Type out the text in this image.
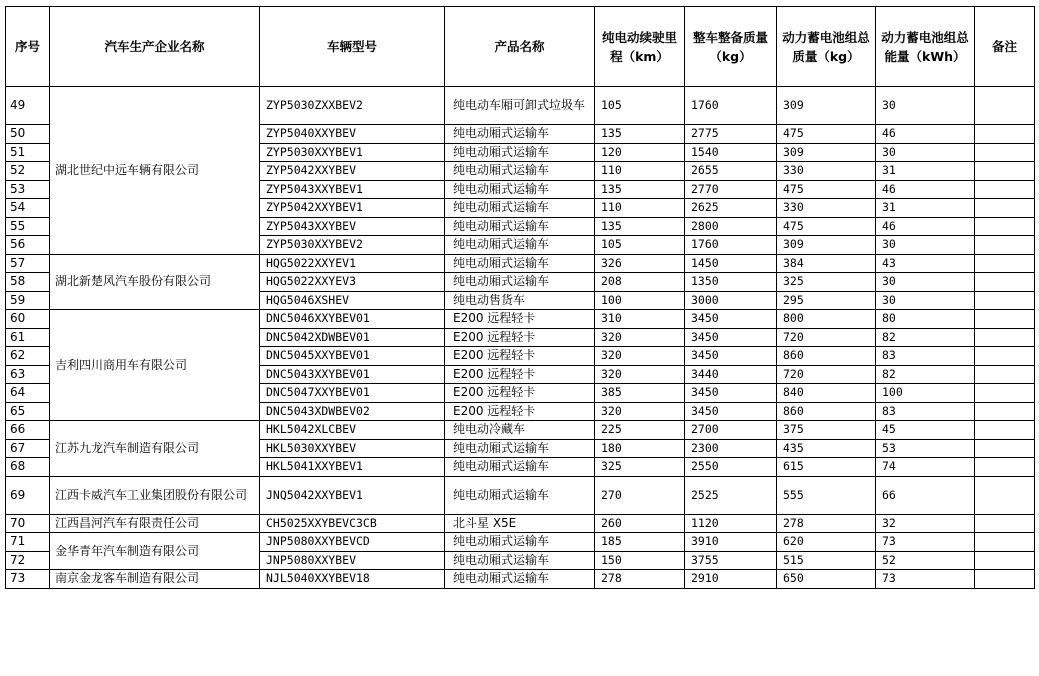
序号	汽车生产企业名称	车辆型号	产品名称	纯电动续驶里程（km）	整车整备质量（kg）	动力蓄电池组总质量（kg）	动力蓄电池组总能量（kWh）	备注
49	湖北世纪中远车辆有限公司	ZYP5030ZXXBEV2	纯电动车厢可卸式垃圾车	105	1760	309	30	
50		ZYP5040XXYBEV	纯电动厢式运输车	135	2775	475	46	
51		ZYP5030XXYBEV1	纯电动厢式运输车	120	1540	309	30	
52		ZYP5042XXYBEV	纯电动厢式运输车	110	2655	330	31	
53		ZYP5043XXYBEV1	纯电动厢式运输车	135	2770	475	46	
54		ZYP5042XXYBEV1	纯电动厢式运输车	110	2625	330	31	
55		ZYP5043XXYBEV	纯电动厢式运输车	135	2800	475	46	
56		ZYP5030XXYBEV2	纯电动厢式运输车	105	1760	309	30	
57	湖北新楚风汽车股份有限公司	HQG5022XXYEV1	纯电动厢式运输车	326	1450	384	43	
58		HQG5022XXYEV3	纯电动厢式运输车	208	1350	325	30	
59		HQG5046XSHEV	纯电动售货车	100	3000	295	30	
60	吉利四川商用车有限公司	DNC5046XXYBEV01	E200 远程轻卡	310	3450	800	80	
61		DNC5042XDWBEV01	E200 远程轻卡	320	3450	720	82	
62		DNC5045XXYBEV01	E200 远程轻卡	320	3450	860	83	
63		DNC5043XXYBEV01	E200 远程轻卡	320	3440	720	82	
64		DNC5047XXYBEV01	E200 远程轻卡	385	3450	840	100	
65		DNC5043XDWBEV02	E200 远程轻卡	320	3450	860	83	
66	江苏九龙汽车制造有限公司	HKL5042XLCBEV	纯电动冷藏车	225	2700	375	45	
67		HKL5030XXYBEV	纯电动厢式运输车	180	2300	435	53	
68		HKL5041XXYBEV1	纯电动厢式运输车	325	2550	615	74	
69	江西卡威汽车工业集团股份有限公司	JNQ5042XXYBEV1	纯电动厢式运输车	270	2525	555	66	
70	江西昌河汽车有限责任公司	CH5025XXYBEVC3CB	北斗星 X5E	260	1120	278	32	
71	金华青年汽车制造有限公司	JNP5080XXYBEVCD	纯电动厢式运输车	185	3910	620	73	
72		JNP5080XXYBEV	纯电动厢式运输车	150	3755	515	52	
73	南京金龙客车制造有限公司	NJL5040XXYBEV18	纯电动厢式运输车	278	2910	650	73	
